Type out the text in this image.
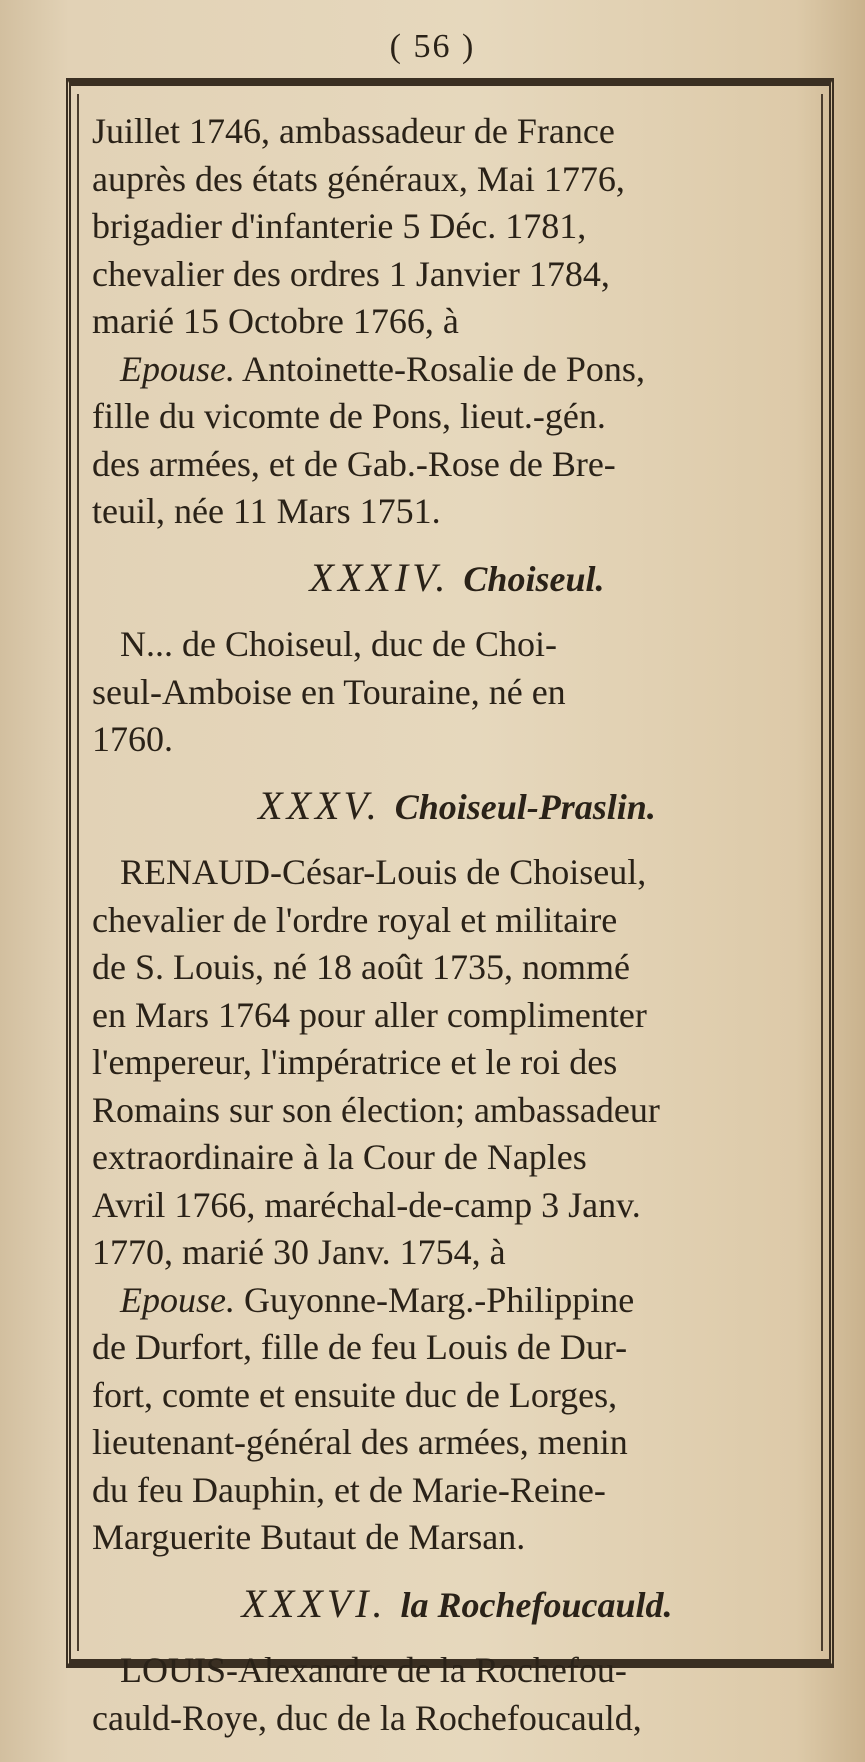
( 56 )
Juillet 1746, ambassadeur de France
auprès des états généraux, Mai 1776,
brigadier d'infanterie 5 Déc. 1781,
chevalier des ordres 1 Janvier 1784,
marié 15 Octobre 1766, à
Epouse. Antoinette-Rosalie de Pons,
fille du vicomte de Pons, lieut.-gén.
des armées, et de Gab.-Rose de Bre-
teuil, née 11 Mars 1751.
XXXIV. Choiseul.
N... de Choiseul, duc de Choi-
seul-Amboise en Touraine, né en
1760.
XXXV. Choiseul-Praslin.
RENAUD-César-Louis de Choiseul,
chevalier de l'ordre royal et militaire
de S. Louis, né 18 août 1735, nommé
en Mars 1764 pour aller complimenter
l'empereur, l'impératrice et le roi des
Romains sur son élection; ambassadeur
extraordinaire à la Cour de Naples
Avril 1766, maréchal-de-camp 3 Janv.
1770, marié 30 Janv. 1754, à
Epouse. Guyonne-Marg.-Philippine
de Durfort, fille de feu Louis de Dur-
fort, comte et ensuite duc de Lorges,
lieutenant-général des armées, menin
du feu Dauphin, et de Marie-Reine-
Marguerite Butaut de Marsan.
XXXVI. la Rochefoucauld.
LOUIS-Alexandre de la Rochefou-
cauld-Roye, duc de la Rochefoucauld,
